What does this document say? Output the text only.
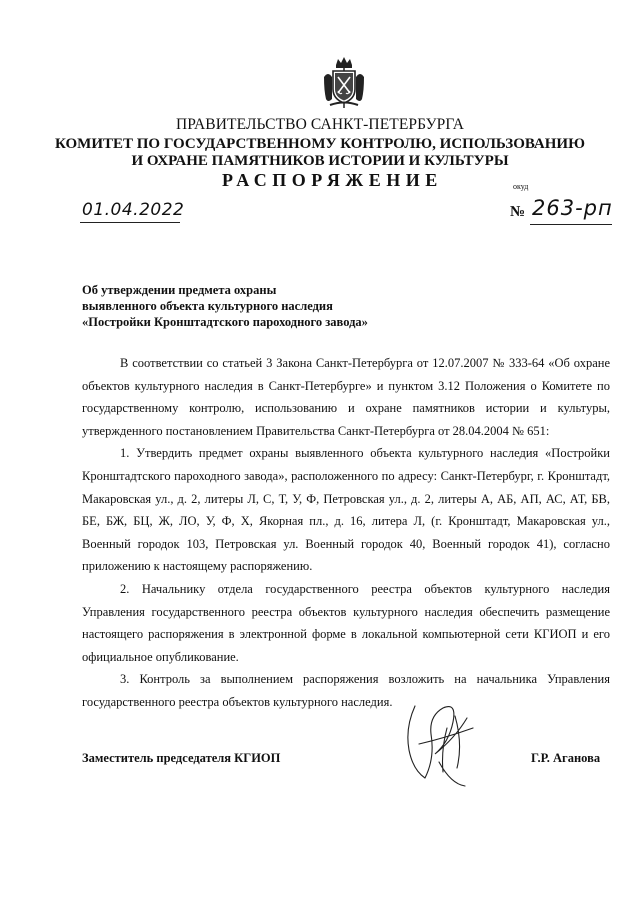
ПРАВИТЕЛЬСТВО САНКТ-ПЕТЕРБУРГА
КОМИТЕТ ПО ГОСУДАРСТВЕННОМУ КОНТРОЛЮ, ИСПОЛЬЗОВАНИЮ
И ОХРАНЕ ПАМЯТНИКОВ ИСТОРИИ И КУЛЬТУРЫ
РАСПОРЯЖЕНИЕ	окуд
01.04.2022	№ 263-рп
Об утверждении предмета охраны
выявленного объекта культурного наследия
«Постройки Кронштадтского пароходного завода»

В соответствии со статьей 3 Закона Санкт-Петербурга от 12.07.2007 № 333-64 «Об охране объектов культурного наследия в Санкт-Петербурге» и пунктом 3.12 Положения о Комитете по государственному контролю, использованию и охране памятников истории и культуры, утвержденного постановлением Правительства Санкт-Петербурга от 28.04.2004 № 651:

1. Утвердить предмет охраны выявленного объекта культурного наследия «Постройки Кронштадтского пароходного завода», расположенного по адресу: Санкт-Петербург, г. Кронштадт, Макаровская ул., д. 2, литеры Л, С, Т, У, Ф, Петровская ул., д. 2, литеры А, АБ, АП, АС, АТ, БВ, БЕ, БЖ, БЦ, Ж, ЛО, У, Ф, Х, Якорная пл., д. 16, литера Л, (г. Кронштадт, Макаровская ул., Военный городок 103, Петровская ул. Военный городок 40, Военный городок 41), согласно приложению к настоящему распоряжению.

2. Начальнику отдела государственного реестра объектов культурного наследия Управления государственного реестра объектов культурного наследия обеспечить размещение настоящего распоряжения в электронной форме в локальной компьютерной сети КГИОП и его официальное опубликование.

3. Контроль за выполнением распоряжения возложить на начальника Управления государственного реестра объектов культурного наследия.

Заместитель председателя КГИОП	Г.Р. Аганова
